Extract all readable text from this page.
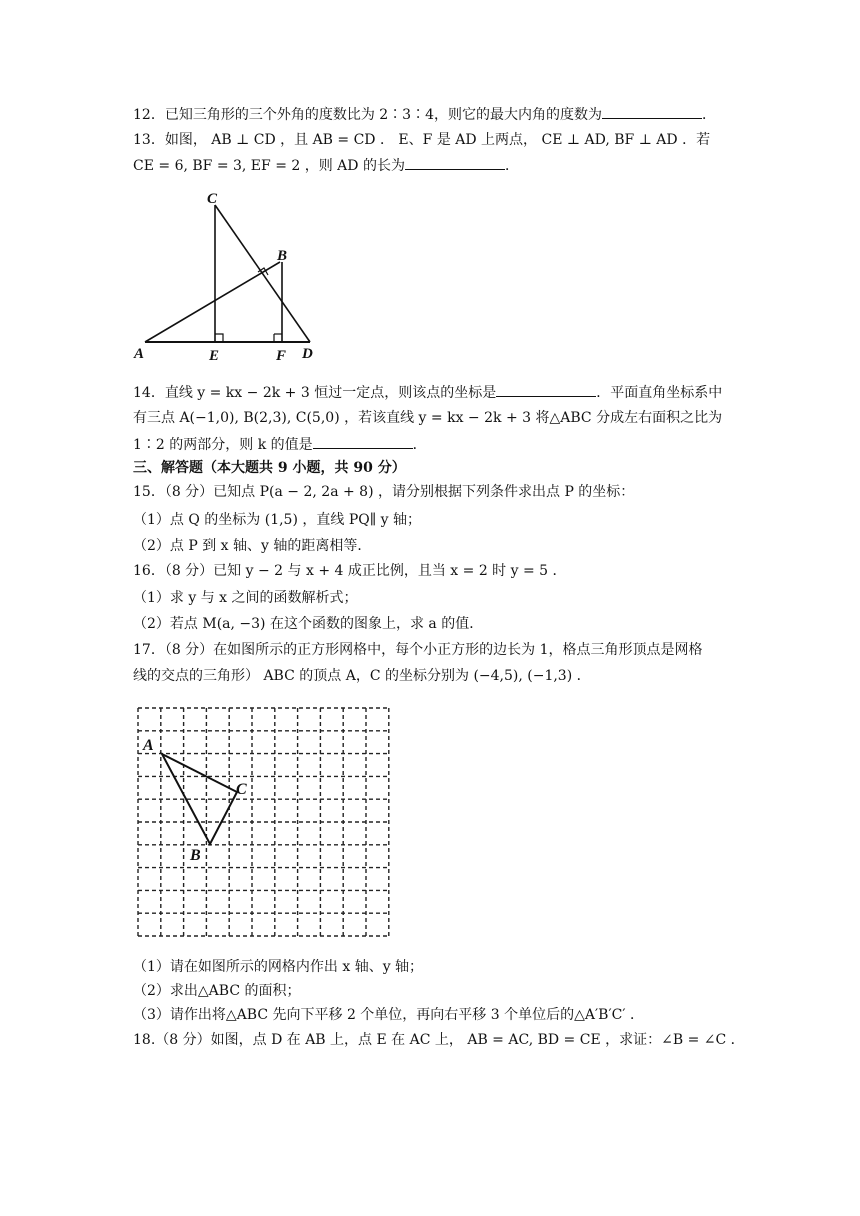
12．已知三角形的三个外角的度数比为 2∶3∶4，则它的最大内角的度数为	．
13．如图， AB ⊥ CD ，且 AB = CD ． E、F 是 AD 上两点， CE ⊥ AD, BF ⊥ AD ．若
CE = 6, BF = 3, EF = 2 ，则 AD 的长为	．
C
B
A	E	F D
14．直线 y = kx − 2k + 3 恒过一定点，则该点的坐标是	．平面直角坐标系中
有三点 A(−1,0), B(2,3), C(5,0) ，若该直线 y = kx − 2k + 3 将△ABC 分成左右面积之比为
1∶2 的两部分，则 k 的值是	．
三、解答题（本大题共 9 小题，共 90 分）
15．（8 分）已知点 P(a − 2, 2a + 8) ，请分别根据下列条件求出点 P 的坐标：
（1）点 Q 的坐标为 (1,5) ，直线 PQ∥ y 轴；
（2）点 P 到 x 轴、y 轴的距离相等．
16．（8 分）已知 y − 2 与 x + 4 成正比例，且当 x = 2 时 y = 5 ．
（1）求 y 与 x 之间的函数解析式；
（2）若点 M(a, −3) 在这个函数的图象上，求 a 的值．
17．（8 分）在如图所示的正方形网格中，每个小正方形的边长为 1，格点三角形顶点是网格
线的交点的三角形） ABC 的顶点 A，C 的坐标分别为 (−4,5), (−1,3) ．
A
C
B
（1）请在如图所示的网格内作出 x 轴、y 轴；
（2）求出△ABC 的面积；
（3）请作出将△ABC 先向下平移 2 个单位，再向右平移 3 个单位后的△A′B′C′ ．
18.（8 分）如图，点 D 在 AB 上，点 E 在 AC 上， AB = AC, BD = CE ，求证：∠B = ∠C ．
